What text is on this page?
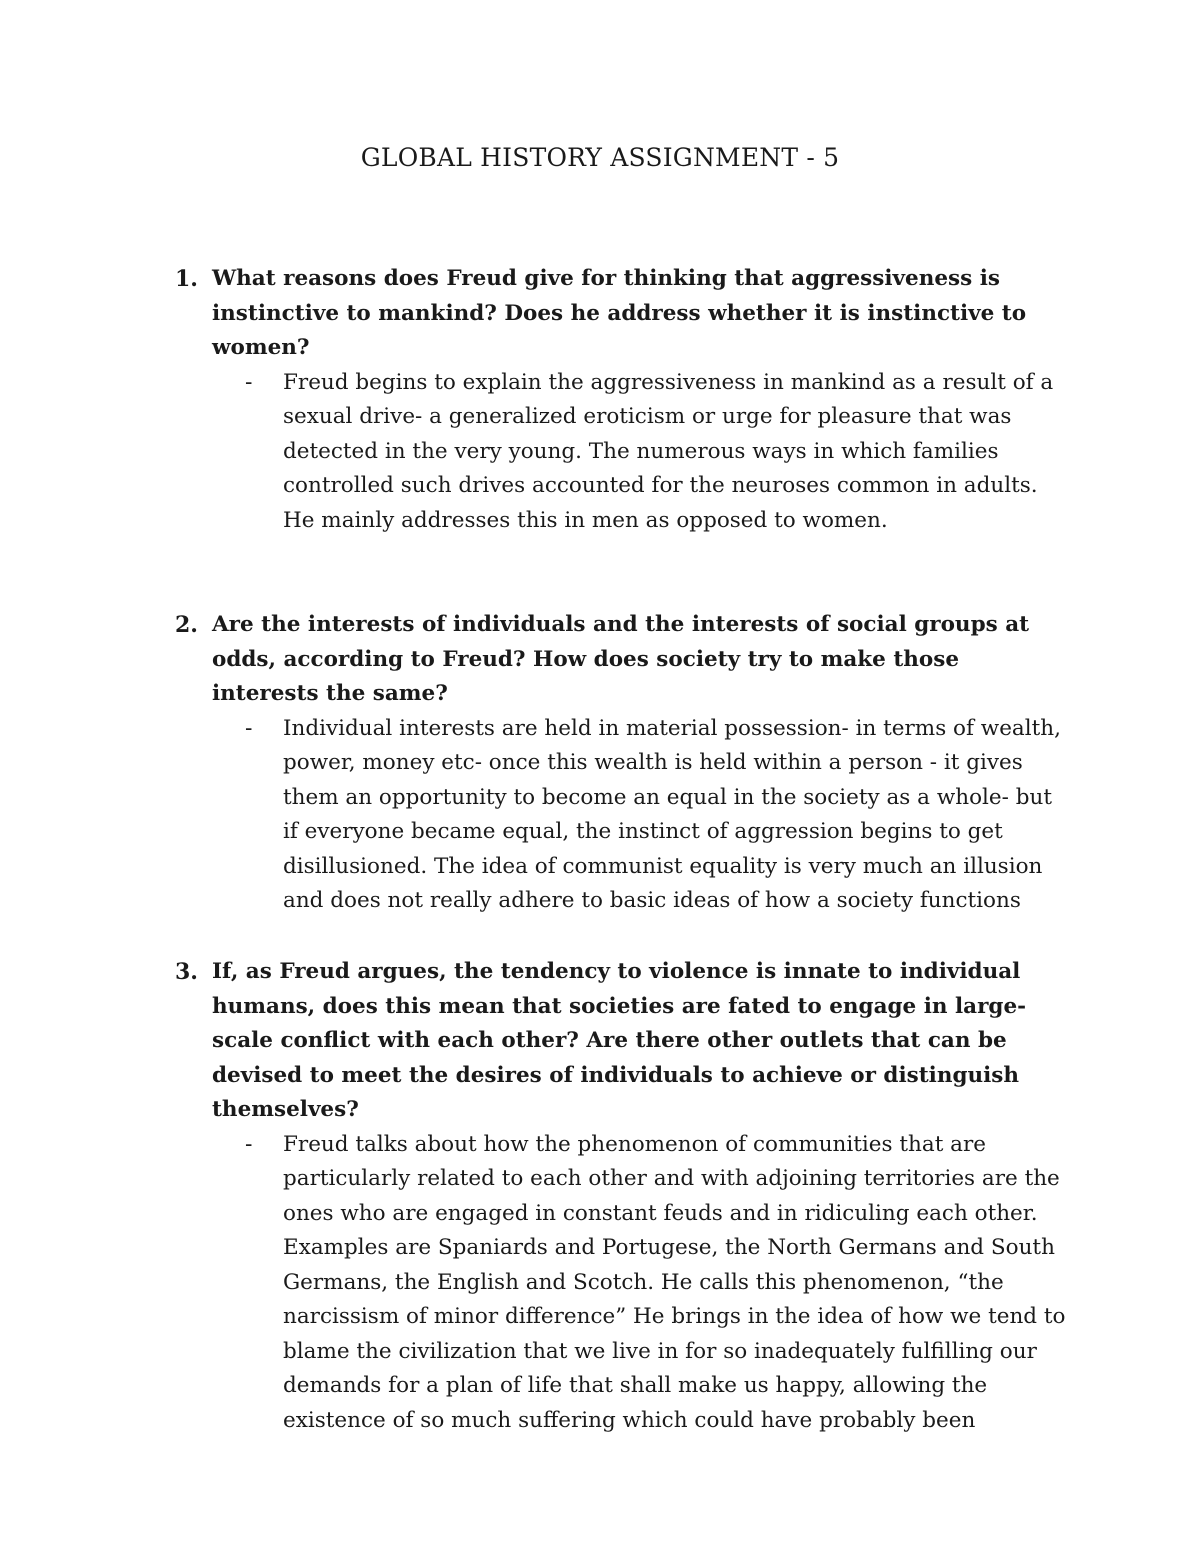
GLOBAL HISTORY ASSIGNMENT - 5
1. What reasons does Freud give for thinking that aggressiveness is instinctive to mankind? Does he address whether it is instinctive to women?

- Freud begins to explain the aggressiveness in mankind as a result of a sexual drive- a generalized eroticism or urge for pleasure that was detected in the very young. The numerous ways in which families controlled such drives accounted for the neuroses common in adults. He mainly addresses this in men as opposed to women.

2. Are the interests of individuals and the interests of social groups at odds, according to Freud? How does society try to make those interests the same?

- Individual interests are held in material possession- in terms of wealth, power, money etc- once this wealth is held within a person - it gives them an opportunity to become an equal in the society as a whole- but if everyone became equal, the instinct of aggression begins to get disillusioned. The idea of communist equality is very much an illusion and does not really adhere to basic ideas of how a society functions

3. If, as Freud argues, the tendency to violence is innate to individual humans, does this mean that societies are fated to engage in large-scale conflict with each other? Are there other outlets that can be devised to meet the desires of individuals to achieve or distinguish themselves?

- Freud talks about how the phenomenon of communities that are particularly related to each other and with adjoining territories are the ones who are engaged in constant feuds and in ridiculing each other. Examples are Spaniards and Portugese, the North Germans and South Germans, the English and Scotch. He calls this phenomenon, “the narcissism of minor difference” He brings in the idea of how we tend to blame the civilization that we live in for so inadequately fulfilling our demands for a plan of life that shall make us happy, allowing the existence of so much suffering which could have probably been
